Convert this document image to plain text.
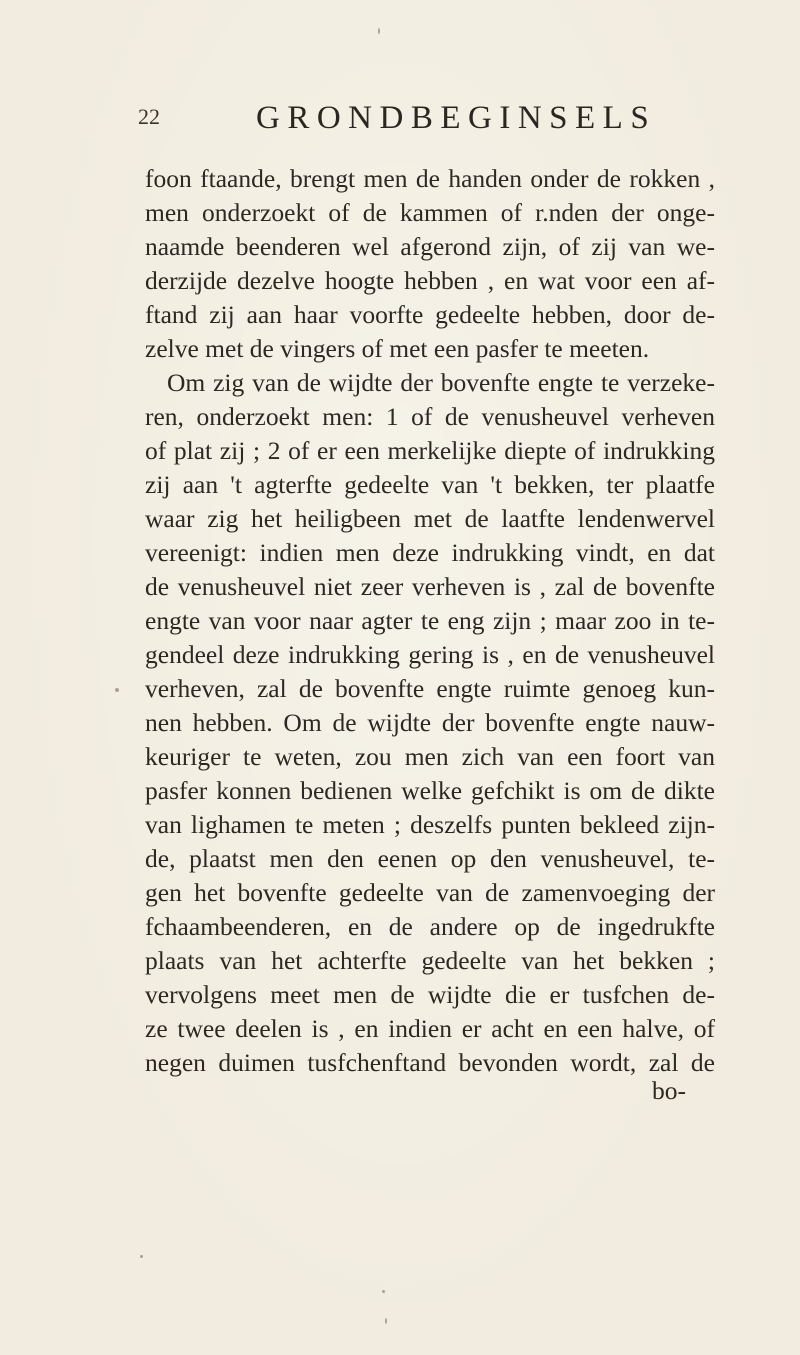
22	GRONDBEGINSELS
foon ftaande, brengt men de handen onder de rokken ,
men onderzoekt of de kammen of r.nden der onge-
naamde beenderen wel afgerond zijn, of zij van we-
derzijde dezelve hoogte hebben , en wat voor een af-
ftand zij aan haar voorfte gedeelte hebben, door de-
zelve met de vingers of met een pasfer te meeten.
Om zig van de wijdte der bovenfte engte te verzeke-
ren, onderzoekt men: 1 of de venusheuvel verheven
of plat zij ; 2 of er een merkelijke diepte of indrukking
zij aan 't agterfte gedeelte van 't bekken, ter plaatfe
waar zig het heiligbeen met de laatfte lendenwervel
vereenigt: indien men deze indrukking vindt, en dat
de venusheuvel niet zeer verheven is , zal de bovenfte
engte van voor naar agter te eng zijn ; maar zoo in te-
gendeel deze indrukking gering is , en de venusheuvel
verheven, zal de bovenfte engte ruimte genoeg kun-
nen hebben. Om de wijdte der bovenfte engte nauw-
keuriger te weten, zou men zich van een foort van
pasfer konnen bedienen welke gefchikt is om de dikte
van lighamen te meten ; deszelfs punten bekleed zijn-
de, plaatst men den eenen op den venusheuvel, te-
gen het bovenfte gedeelte van de zamenvoeging der
fchaambeenderen, en de andere op de ingedrukfte
plaats van het achterfte gedeelte van het bekken ;
vervolgens meet men de wijdte die er tusfchen de-
ze twee deelen is , en indien er acht en een halve, of
negen duimen tusfchenftand bevonden wordt, zal de
bo-
